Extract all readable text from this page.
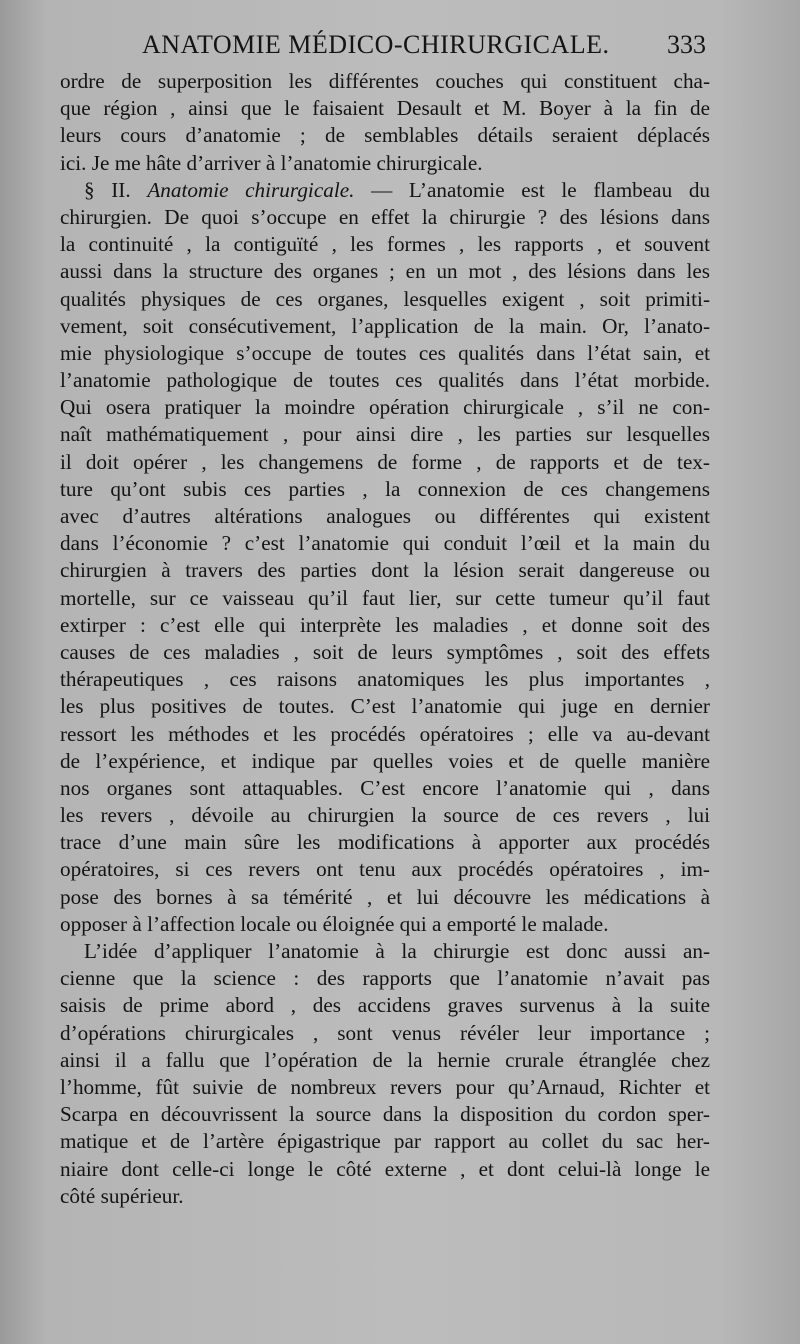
ANATOMIE MÉDICO-CHIRURGICALE. 333
ordre de superposition les différentes couches qui constituent cha-
que région , ainsi que le faisaient Desault et M. Boyer à la fin de
leurs cours d’anatomie ; de semblables détails seraient déplacés
ici. Je me hâte d’arriver à l’anatomie chirurgicale.
§ II. Anatomie chirurgicale. — L’anatomie est le flambeau du
chirurgien. De quoi s’occupe en effet la chirurgie ? des lésions dans
la continuité , la contiguïté , les formes , les rapports , et souvent
aussi dans la structure des organes ; en un mot , des lésions dans les
qualités physiques de ces organes, lesquelles exigent , soit primiti-
vement, soit consécutivement, l’application de la main. Or, l’anato-
mie physiologique s’occupe de toutes ces qualités dans l’état sain, et
l’anatomie pathologique de toutes ces qualités dans l’état morbide.
Qui osera pratiquer la moindre opération chirurgicale , s’il ne con-
naît mathématiquement , pour ainsi dire , les parties sur lesquelles
il doit opérer , les changemens de forme , de rapports et de tex-
ture qu’ont subis ces parties , la connexion de ces changemens
avec d’autres altérations analogues ou différentes qui existent
dans l’économie ? c’est l’anatomie qui conduit l’œil et la main du
chirurgien à travers des parties dont la lésion serait dangereuse ou
mortelle, sur ce vaisseau qu’il faut lier, sur cette tumeur qu’il faut
extirper : c’est elle qui interprète les maladies , et donne soit des
causes de ces maladies , soit de leurs symptômes , soit des effets
thérapeutiques , ces raisons anatomiques les plus importantes ,
les plus positives de toutes. C’est l’anatomie qui juge en dernier
ressort les méthodes et les procédés opératoires ; elle va au-devant
de l’expérience, et indique par quelles voies et de quelle manière
nos organes sont attaquables. C’est encore l’anatomie qui , dans
les revers , dévoile au chirurgien la source de ces revers , lui
trace d’une main sûre les modifications à apporter aux procédés
opératoires, si ces revers ont tenu aux procédés opératoires , im-
pose des bornes à sa témérité , et lui découvre les médications à
opposer à l’affection locale ou éloignée qui a emporté le malade.
L’idée d’appliquer l’anatomie à la chirurgie est donc aussi an-
cienne que la science : des rapports que l’anatomie n’avait pas
saisis de prime abord , des accidens graves survenus à la suite
d’opérations chirurgicales , sont venus révéler leur importance ;
ainsi il a fallu que l’opération de la hernie crurale étranglée chez
l’homme, fût suivie de nombreux revers pour qu’Arnaud, Richter et
Scarpa en découvrissent la source dans la disposition du cordon sper-
matique et de l’artère épigastrique par rapport au collet du sac her-
niaire dont celle-ci longe le côté externe , et dont celui-là longe le
côté supérieur.
